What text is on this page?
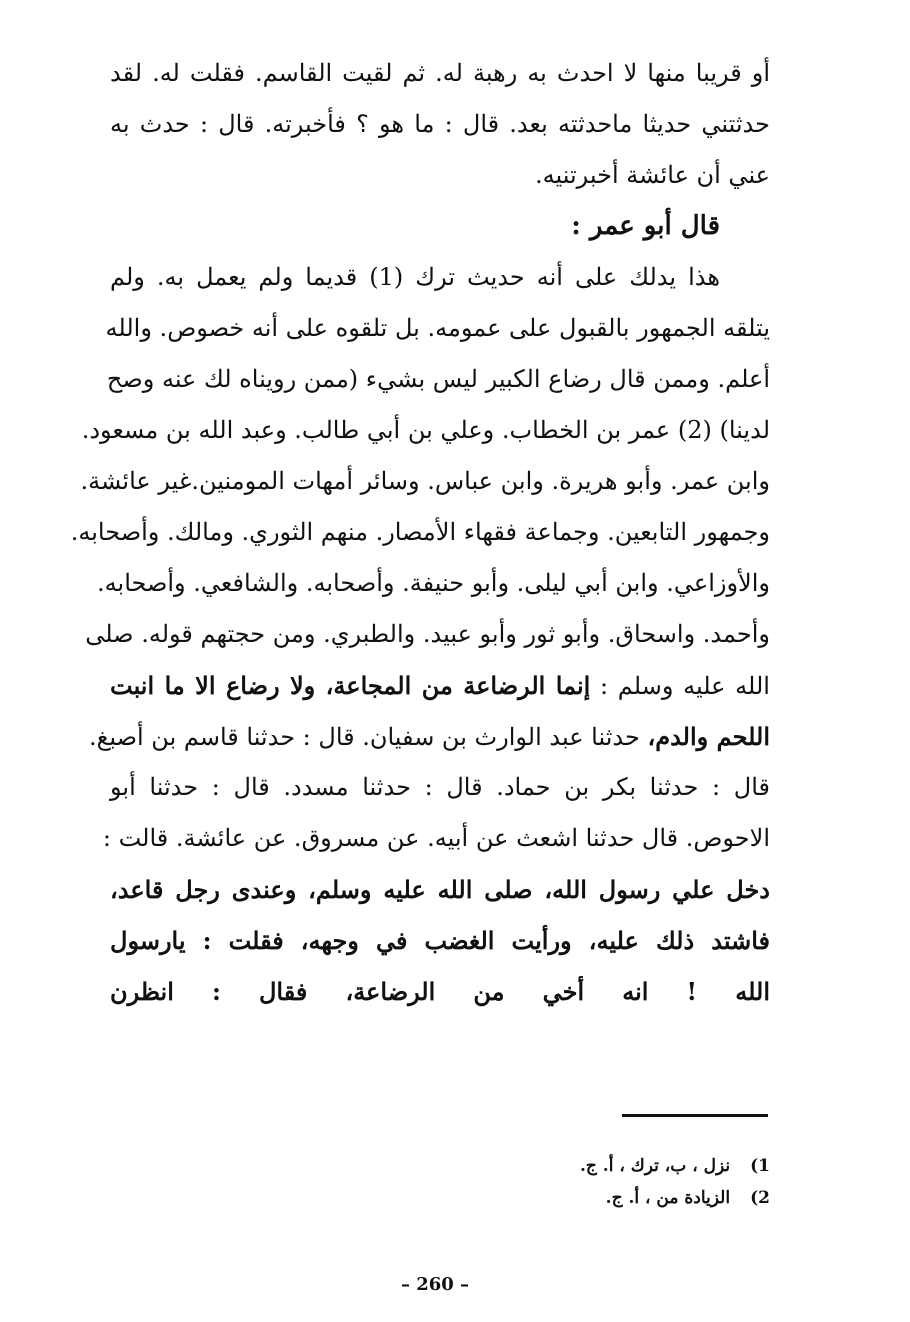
أو قريبا منها لا احدث به رهبة له. ثم لقيت القاسم. فقلت له. لقد
حدثتني حديثا ماحدثته بعد. قال : ما هو ؟ فأخبرته. قال : حدث به
عني أن عائشة أخبرتنيه.
قال أبو عمر :
هذا يدلك على أنه حديث ترك (1) قديما ولم يعمل به. ولم
يتلقه الجمهور بالقبول على عمومه. بل تلقوه على أنه خصوص. والله
أعلم. وممن قال رضاع الكبير ليس بشيء (ممن رويناه لك عنه وصح
لدينا) (2) عمر بن الخطاب. وعلي بن أبي طالب. وعبد الله بن مسعود.
وابن عمر. وأبو هريرة. وابن عباس. وسائر أمهات المومنين.غير عائشة.
وجمهور التابعين. وجماعة فقهاء الأمصار. منهم الثوري. ومالك. وأصحابه.
والأوزاعي. وابن أبي ليلى. وأبو حنيفة. وأصحابه. والشافعي. وأصحابه.
وأحمد. واسحاق. وأبو ثور وأبو عبيد. والطبري. ومن حجتهم قوله. صلى
الله عليه وسلم : إنما الرضاعة من المجاعة، ولا رضاع الا ما انبت
اللحم والدم، حدثنا عبد الوارث بن سفيان. قال : حدثنا قاسم بن أصبغ.
قال : حدثنا بكر بن حماد. قال : حدثنا مسدد. قال : حدثنا أبو
الاحوص. قال حدثنا اشعث عن أبيه. عن مسروق. عن عائشة. قالت :
دخل علي رسول الله، صلى الله عليه وسلم، وعندى رجل قاعد،
فاشتد ذلك عليه، ورأيت الغضب في وجهه، فقلت : يارسول
الله ! انه أخي من الرضاعة، فقال : انظرن
1) نزل ، ب، ترك ، أ. ج.
2) الزيادة من ، أ. ج.
– 260 –
